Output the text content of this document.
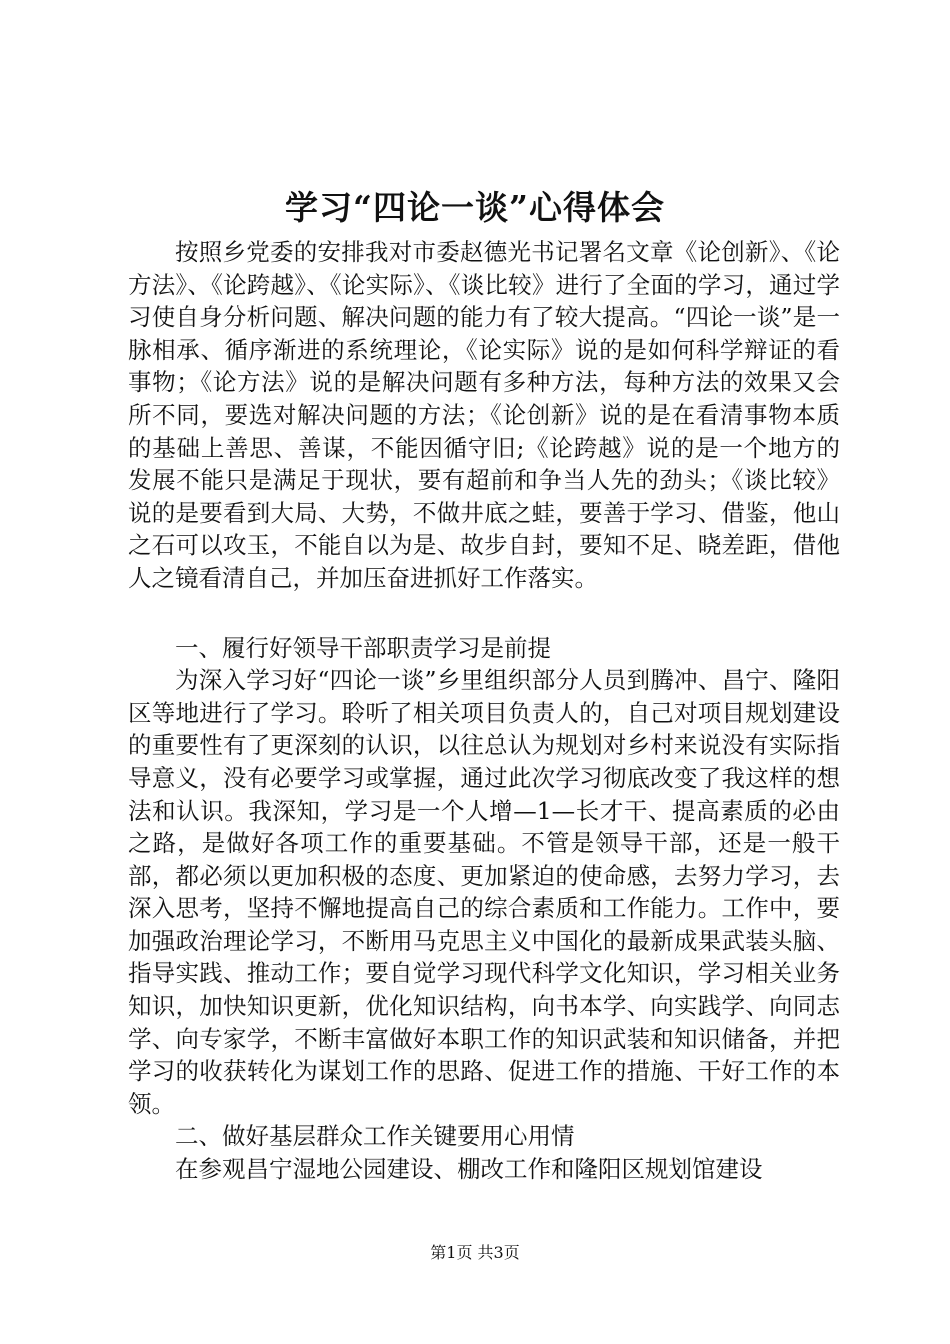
学习“四论一谈”心得体会

按照乡党委的安排我对市委赵德光书记署名文章《论创新》、《论方法》、《论跨越》、《论实际》、《谈比较》进行了全面的学习，通过学习使自身分析问题、解决问题的能力有了较大提高。“四论一谈”是一脉相承、循序渐进的系统理论，《论实际》说的是如何科学辩证的看事物；《论方法》说的是解决问题有多种方法，每种方法的效果又会所不同，要选对解决问题的方法；《论创新》说的是在看清事物本质的基础上善思、善谋，不能因循守旧;《论跨越》说的是一个地方的发展不能只是满足于现状，要有超前和争当人先的劲头；《谈比较》说的是要看到大局、大势，不做井底之蛙，要善于学习、借鉴，他山之石可以攻玉，不能自以为是、故步自封，要知不足、晓差距，借他人之镜看清自己，并加压奋进抓好工作落实。

一、履行好领导干部职责学习是前提

为深入学习好“四论一谈”乡里组织部分人员到腾冲、昌宁、隆阳区等地进行了学习。聆听了相关项目负责人的，自己对项目规划建设的重要性有了更深刻的认识，以往总认为规划对乡村来说没有实际指导意义，没有必要学习或掌握，通过此次学习彻底改变了我这样的想法和认识。我深知，学习是一个人增—1—长才干、提高素质的必由之路，是做好各项工作的重要基础。不管是领导干部，还是一般干部，都必须以更加积极的态度、更加紧迫的使命感，去努力学习，去深入思考，坚持不懈地提高自己的综合素质和工作能力。工作中，要加强政治理论学习，不断用马克思主义中国化的最新成果武装头脑、指导实践、推动工作；要自觉学习现代科学文化知识，学习相关业务知识，加快知识更新，优化知识结构，向书本学、向实践学、向同志学、向专家学，不断丰富做好本职工作的知识武装和知识储备，并把学习的收获转化为谋划工作的思路、促进工作的措施、干好工作的本领。

二、做好基层群众工作关键要用心用情

在参观昌宁湿地公园建设、棚改工作和隆阳区规划馆建设

第1页 共3页
